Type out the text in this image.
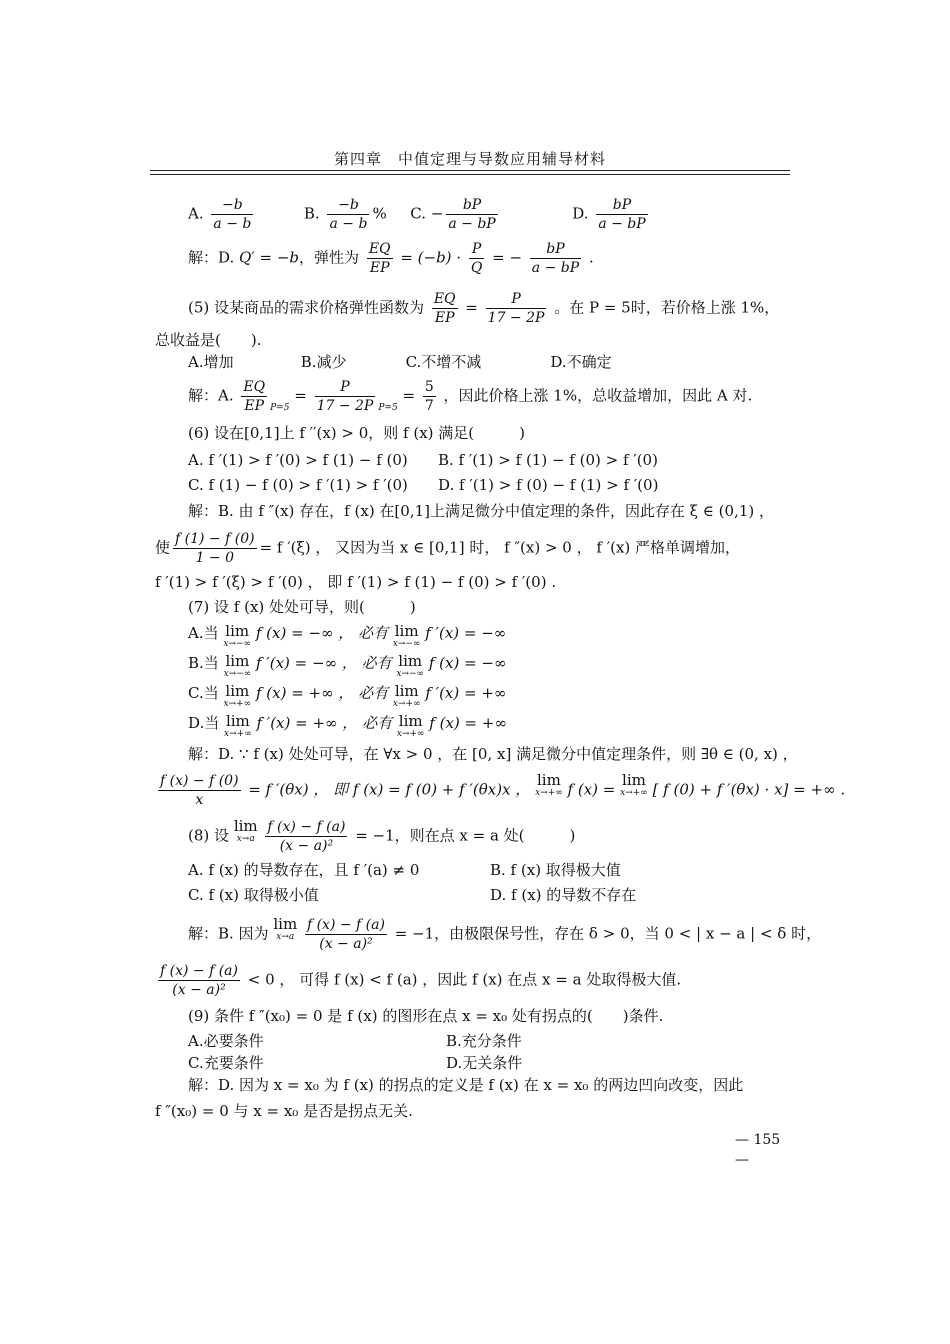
第四章　中值定理与导数应用辅导材料
A. $\frac{-b}{a - b}$	B. $\frac{-b}{a - b}$ % C. − $\frac{bP}{a - bP}$	D. $\frac{bP}{a - bP}$
解：D. Q′ = −b，弹性为 $\frac{EQ}{EP} = (-b) \cdot \frac{P}{Q}$ = − $\frac{bP}{a - bP}$ .
(5) 设某商品的需求价格弹性函数为 $\frac{EQ}{EP} = \frac{P}{17 - 2P}$ 。在 P = 5时，若价格上涨 1%，
总收益是(　　).
A.增加	B.减少	C.不增不减	D.不确定
解：A. $\frac{EQ}{EP} _{P=5} = \frac{P}{17 - 2P} _{P=5} = \frac{5}{7}$ ，因此价格上涨 1%，总收益增加，因此 A 对.
(6) 设在[0,1]上 f ′′(x) > 0，则 f (x) 满足(　　　)
A. f ′(1) > f ′(0) > f (1) − f (0) B. f ′(1) > f (1) − f (0) > f ′(0)
C. f (1) − f (0) > f ′(1) > f ′(0) D. f ′(1) > f (0) − f (1) > f ′(0)
解：B. 由 f ″(x) 存在，f (x) 在[0,1]上满足微分中值定理的条件，因此存在 ξ ∈ (0,1) ，
使 $\frac{f (1) - f (0)}{1 - 0} = f$ ′(ξ) ， 又因为当 x ∈ [0,1] 时， f ″(x) > 0 ， f ′(x) 严格单调增加，
f ′(1) > f ′(ξ) > f ′(0) ， 即 f ′(1) > f (1) − f (0) > f ′(0) .
(7) 设 f (x) 处处可导，则(　　　)
A.当 lim
x→−∞
f (x) = −∞ ， 必有 lim
x→−∞
f ′(x) = −∞
B.当 lim
x→−∞
f ′(x) = −∞ ， 必有 lim
x→−∞
f (x) = −∞
C.当 lim
x→+∞
f (x) = +∞ ， 必有 lim
x→+∞
f ′(x) = +∞
D.当 lim
x→+∞
f ′(x) = +∞ ， 必有 lim
x→+∞
f (x) = +∞
解：D. ∵ f (x) 处处可导，在 ∀x > 0 ，在 [0, x] 满足微分中值定理条件，则 ∃θ ∈ (0, x) ，
$\frac{f (x) - f (0)}{x} = f$ ′(θx) ， 即 f (x) = f (0) + f ′(θx)x ， lim
x→+∞ f (x) = lim
x→+∞ [ f (0) + f ′(θx) · x] = +∞ .
(8) 设 lim
x→a
$\frac{f (x) - f (a)}{\text{(x − a)²}} = -1$，则在点 x = a 处(　　　)
A. f (x) 的导数存在，且 f ′(a) ≠ 0	B. f (x) 取得极大值
C. f (x) 取得极小值	D. f (x) 的导数不存在
解：B. 因为 lim
x→a
$\frac{f (x) - f (a)}{\text{(x − a)²}} = -1$，由极限保号性，存在 δ > 0，当 0 < | x − a | < δ 时，
$\frac{f (x) - f (a)}{\text{(x − a)²}} < 0$ ， 可得 f (x) < f (a) ，因此 f (x) 在点 x = a 处取得极大值.
(9) 条件 f ″(x₀) = 0 是 f (x) 的图形在点 x = x₀ 处有拐点的(　　)条件.
A.必要条件	B.充分条件
C.充要条件	D.无关条件
解：D. 因为 x = x₀ 为 f (x) 的拐点的定义是 f (x) 在 x = x₀ 的两边凹向改变，因此
f ″(x₀) = 0 与 x = x₀ 是否是拐点无关.
— 155
—
